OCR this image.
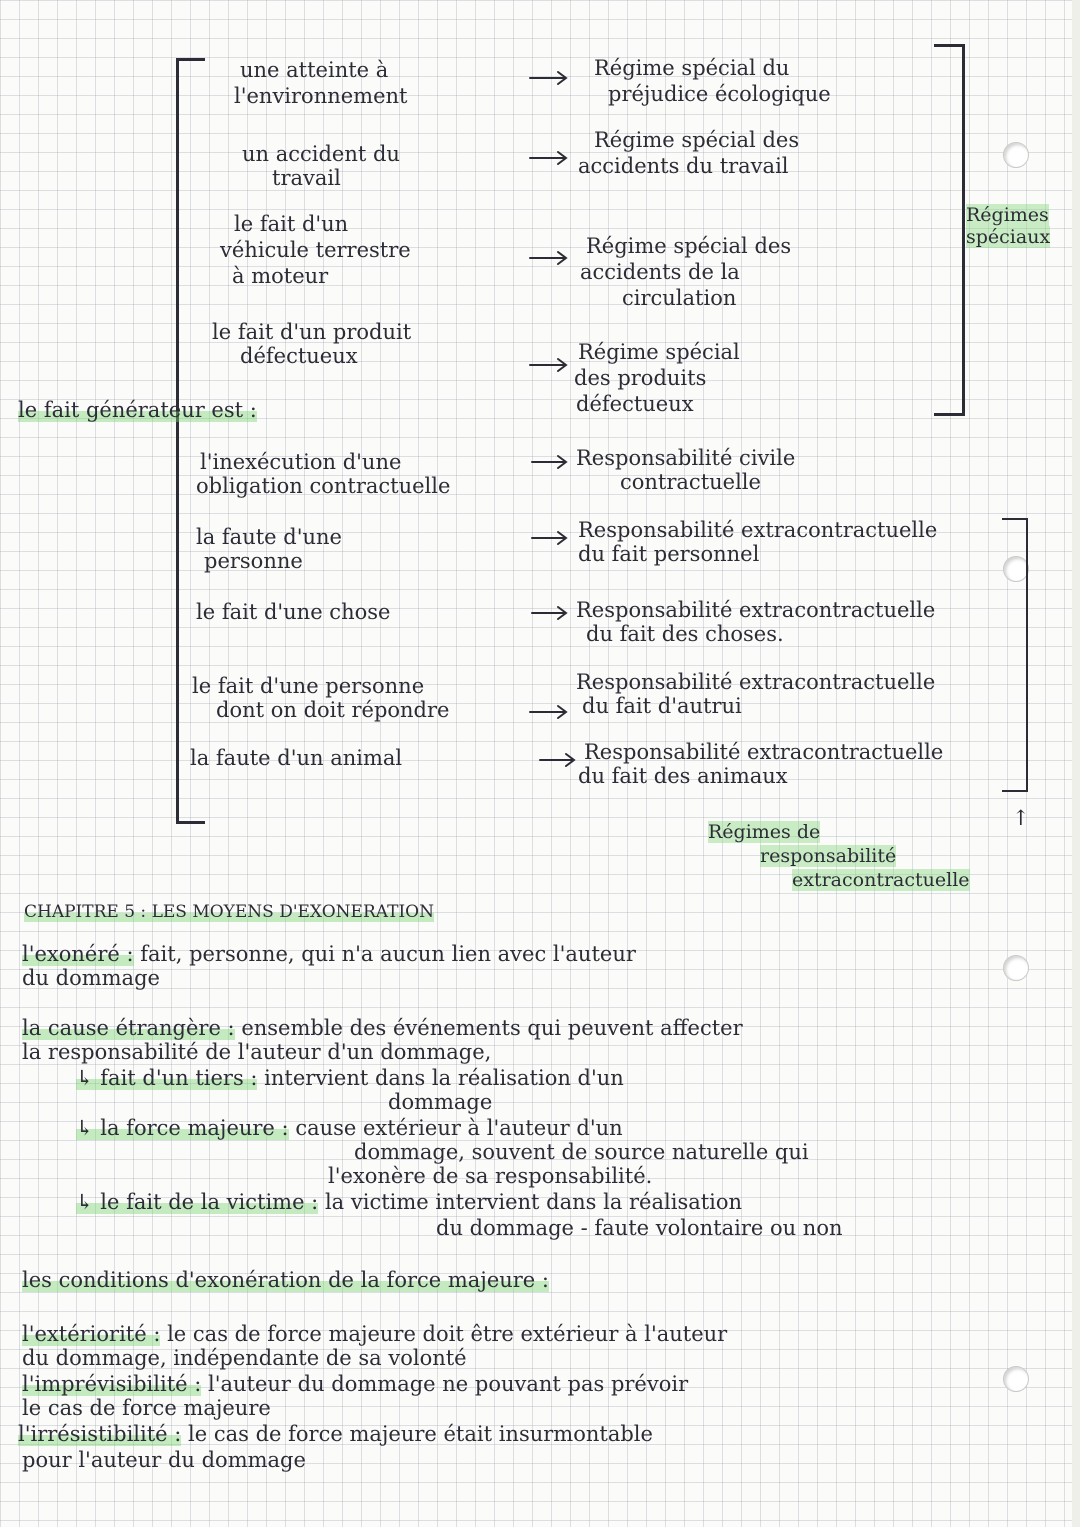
le fait générateur est :
une atteinte à
l'environnement
un accident du
travail
le fait d'un
véhicule terrestre
à moteur
le fait d'un produit
défectueux
l'inexécution d'une
obligation contractuelle
la faute d'une
personne
le fait d'une chose
le fait d'une personne
dont on doit répondre
la faute d'un animal
Régime spécial du
préjudice écologique
Régime spécial des
accidents du travail
Régime spécial des
accidents de la
circulation
Régime spécial
des produits
défectueux
Responsabilité civile
contractuelle
Responsabilité extracontractuelle
du fait personnel
Responsabilité extracontractuelle
du fait des choses.
Responsabilité extracontractuelle
du fait d'autrui
Responsabilité extracontractuelle
du fait des animaux
Régimes spéciaux
↑
Régimes de
responsabilité
extracontractuelle
CHAPITRE 5 : LES MOYENS D'EXONERATION
l'exonéré : fait, personne, qui n'a aucun lien avec l'auteur
du dommage
la cause étrangère : ensemble des événements qui peuvent affecter
la responsabilité de l'auteur d'un dommage,
↳ fait d'un tiers : intervient dans la réalisation d'un
dommage
↳ la force majeure : cause extérieur à l'auteur d'un
dommage, souvent de source naturelle qui
l'exonère de sa responsabilité.
↳ le fait de la victime : la victime intervient dans la réalisation
du dommage - faute volontaire ou non
les conditions d'exonération de la force majeure :
l'extériorité : le cas de force majeure doit être extérieur à l'auteur
du dommage, indépendante de sa volonté
l'imprévisibilité : l'auteur du dommage ne pouvant pas prévoir
le cas de force majeure
l'irrésistibilité : le cas de force majeure était insurmontable
pour l'auteur du dommage
